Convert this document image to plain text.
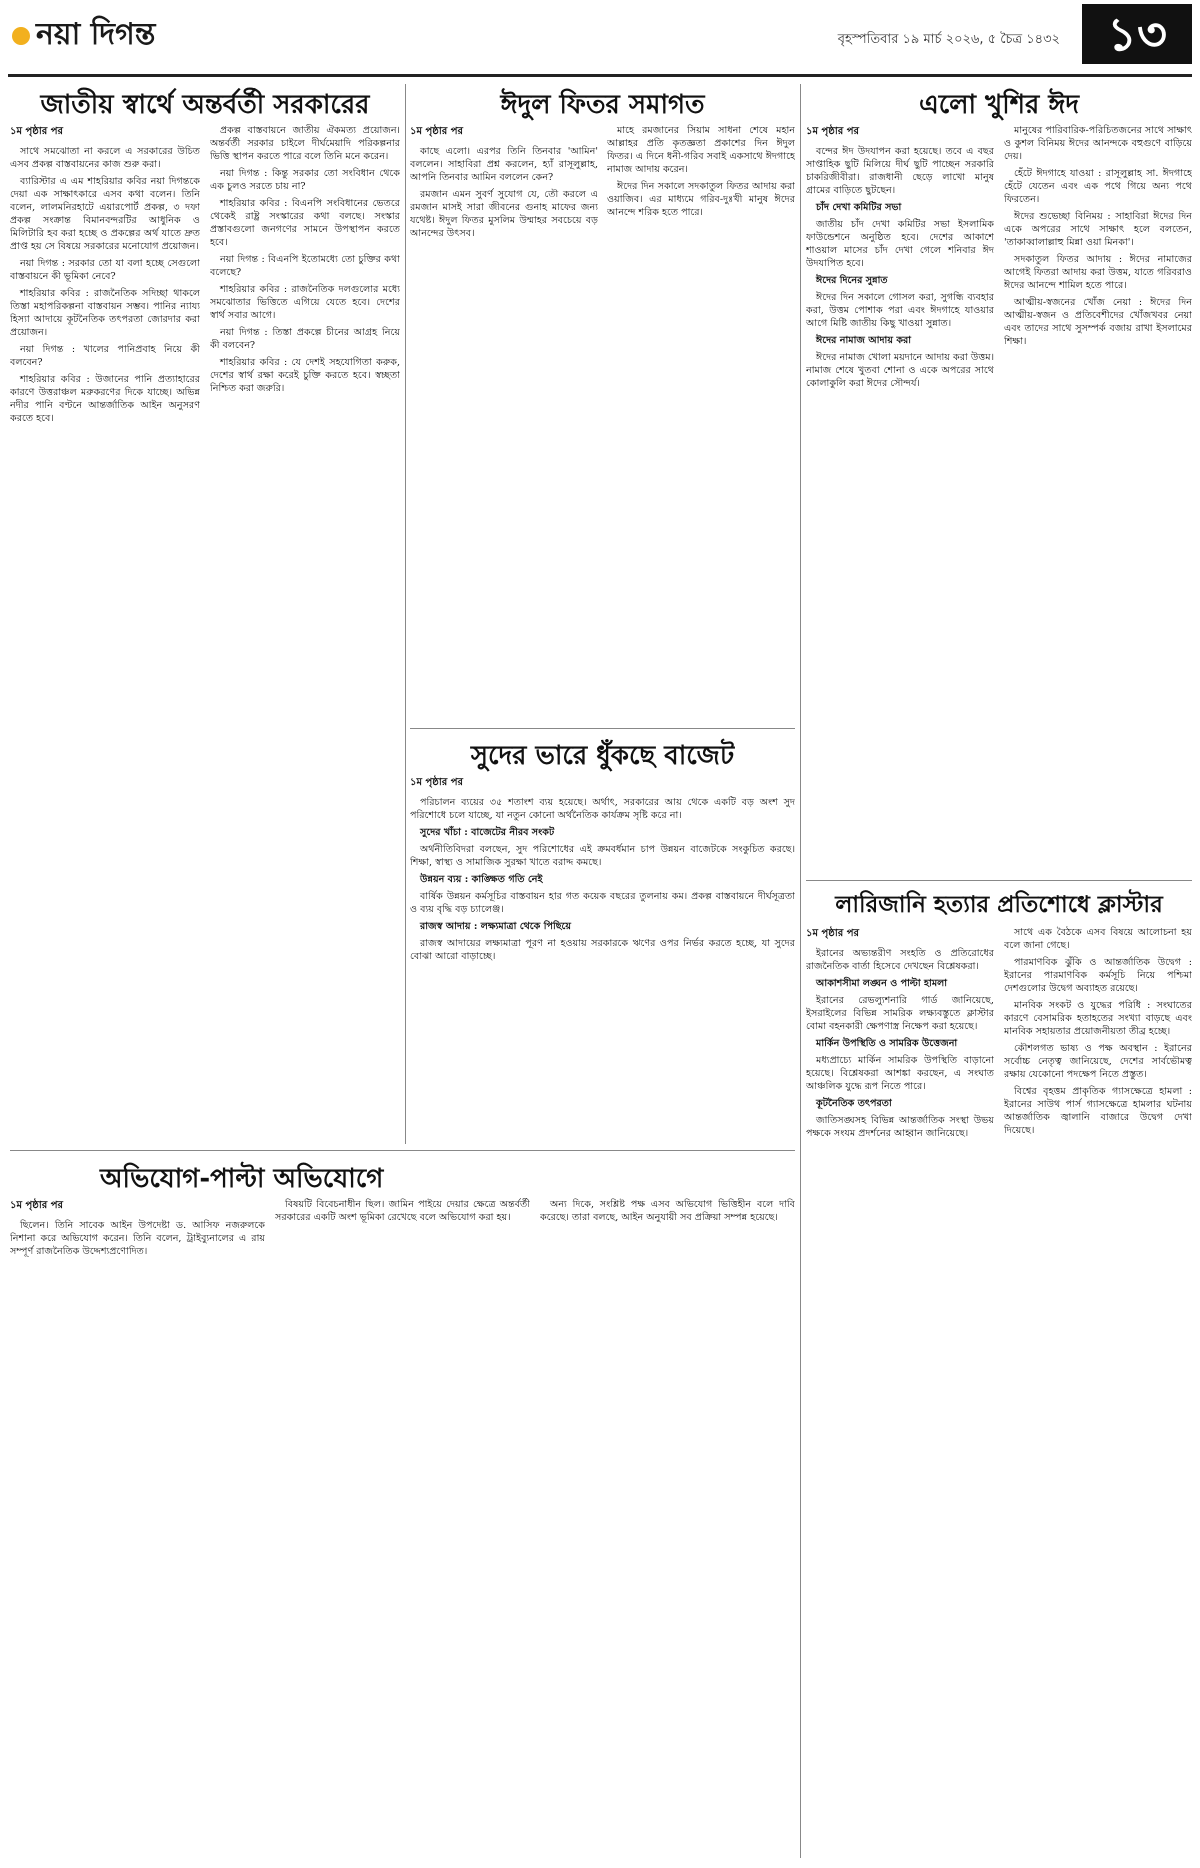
নয়া দিগন্ত	বৃহস্পতিবার ১৯ মার্চ ২০২৬, ৫ চৈত্র ১৪৩২	১৩
জাতীয় স্বার্থে অন্তর্বর্তী সরকারের
১ম পৃষ্ঠার পর

সাথে সমঝোতা না করলে এ সরকারের উচিত এসব প্রকল্প বাস্তবায়নের কাজ শুরু করা।

ব্যারিস্টার এ এম শাহরিয়ার কবির নয়া দিগন্তকে দেয়া এক সাক্ষাৎকারে এসব কথা বলেন। তিনি বলেন, লালমনিরহাটে এয়ারপোর্ট প্রকল্প, ৩ দফা প্রকল্প সংক্রান্ত বিমানবন্দরটির আধুনিক ও মিলিটারি হব করা হচ্ছে ও প্রকল্পের অর্থ যাতে দ্রুত প্রাপ্ত হয় সে বিষয়ে সরকারের মনোযোগ প্রয়োজন।

নয়া দিগন্ত : সরকার তো যা বলা হচ্ছে সেগুলো বাস্তবায়নে কী ভূমিকা নেবে?

শাহরিয়ার কবির : রাজনৈতিক সদিচ্ছা থাকলে তিস্তা মহাপরিকল্পনা বাস্তবায়ন সম্ভব। পানির ন্যায্য হিস্যা আদায়ে কূটনৈতিক তৎপরতা জোরদার করা প্রয়োজন।

নয়া দিগন্ত : খালের পানিপ্রবাহ নিয়ে কী বলবেন?

শাহরিয়ার কবির : উজানের পানি প্রত্যাহারের কারণে উত্তরাঞ্চল মরুকরণের দিকে যাচ্ছে। অভিন্ন নদীর পানি বণ্টনে আন্তর্জাতিক আইন অনুসরণ করতে হবে।

প্রকল্প বাস্তবায়নে জাতীয় ঐকমত্য প্রয়োজন। অন্তর্বর্তী সরকার চাইলে দীর্ঘমেয়াদি পরিকল্পনার ভিত্তি স্থাপন করতে পারে বলে তিনি মনে করেন।

নয়া দিগন্ত : কিন্তু সরকার তো সংবিধান থেকে এক চুলও সরতে চায় না?

শাহরিয়ার কবির : বিএনপি সংবিধানের ভেতরে থেকেই রাষ্ট্র সংস্কারের কথা বলছে। সংস্কার প্রস্তাবগুলো জনগণের সামনে উপস্থাপন করতে হবে।

নয়া দিগন্ত : বিএনপি ইতোমধ্যে তো চুক্তির কথা বলেছে?

শাহরিয়ার কবির : রাজনৈতিক দলগুলোর মধ্যে সমঝোতার ভিত্তিতে এগিয়ে যেতে হবে। দেশের স্বার্থ সবার আগে।

নয়া দিগন্ত : তিস্তা প্রকল্পে চীনের আগ্রহ নিয়ে কী বলবেন?

শাহরিয়ার কবির : যে দেশই সহযোগিতা করুক, দেশের স্বার্থ রক্ষা করেই চুক্তি করতে হবে। স্বচ্ছতা নিশ্চিত করা জরুরি।

ঈদুল ফিতর সমাগত
১ম পৃষ্ঠার পর

কাছে এলো। এরপর তিনি তিনবার 'আমিন' বললেন। সাহাবিরা প্রশ্ন করলেন, হ্যাঁ রাসূলুল্লাহ, আপনি তিনবার আমিন বললেন কেন?

রমজান এমন সুবর্ণ সুযোগ যে, তৌ করলে এ রমজান মাসই সারা জীবনের গুনাহ মাফের জন্য যথেষ্ট। ঈদুল ফিতর মুসলিম উম্মাহর সবচেয়ে বড় আনন্দের উৎসব।

মাহে রমজানের সিয়াম সাধনা শেষে মহান আল্লাহর প্রতি কৃতজ্ঞতা প্রকাশের দিন ঈদুল ফিতর। এ দিনে ধনী-গরিব সবাই একসাথে ঈদগাহে নামাজ আদায় করেন।

ঈদের দিন সকালে সদকাতুল ফিতর আদায় করা ওয়াজিব। এর মাধ্যমে গরিব-দুঃখী মানুষ ঈদের আনন্দে শরিক হতে পারে।

সুদের ভারে ধুঁকছে বাজেট
১ম পৃষ্ঠার পর

পরিচালন ব্যয়ের ৩৫ শতাংশ ব্যয় হয়েছে। অর্থাৎ, সরকারের আয় থেকে একটি বড় অংশ সুদ পরিশোধে চলে যাচ্ছে, যা নতুন কোনো অর্থনৈতিক কার্যক্রম সৃষ্টি করে না।

সুদের খাঁচা : বাজেটের নীরব সংকট

অর্থনীতিবিদরা বলছেন, সুদ পরিশোধের এই ক্রমবর্ধমান চাপ উন্নয়ন বাজেটকে সংকুচিত করছে। শিক্ষা, স্বাস্থ্য ও সামাজিক সুরক্ষা খাতে বরাদ্দ কমছে।

উন্নয়ন ব্যয় : কাঙ্ক্ষিত গতি নেই

বার্ষিক উন্নয়ন কর্মসূচির বাস্তবায়ন হার গত কয়েক বছরের তুলনায় কম। প্রকল্প বাস্তবায়নে দীর্ঘসূত্রতা ও ব্যয় বৃদ্ধি বড় চ্যালেঞ্জ।

রাজস্ব আদায় : লক্ষ্যমাত্রা থেকে পিছিয়ে

রাজস্ব আদায়ের লক্ষ্যমাত্রা পূরণ না হওয়ায় সরকারকে ঋণের ওপর নির্ভর করতে হচ্ছে, যা সুদের বোঝা আরো বাড়াচ্ছে।

অভিযোগ-পাল্টা অভিযোগে
১ম পৃষ্ঠার পর

ছিলেন। তিনি সাবেক আইন উপদেষ্টা ড. আসিফ নজরুলকে নিশানা করে অভিযোগ করেন। তিনি বলেন, ট্রাইব্যুনালের এ রায় সম্পূর্ণ রাজনৈতিক উদ্দেশ্যপ্রণোদিত।

বিষয়টি বিবেচনাধীন ছিল। জামিন পাইয়ে দেয়ার ক্ষেত্রে অন্তর্বর্তী সরকারের একটি অংশ ভূমিকা রেখেছে বলে অভিযোগ করা হয়।

অন্য দিকে, সংশ্লিষ্ট পক্ষ এসব অভিযোগ ভিত্তিহীন বলে দাবি করেছে। তারা বলছে, আইন অনুযায়ী সব প্রক্রিয়া সম্পন্ন হয়েছে।

এলো খুশির ঈদ
১ম পৃষ্ঠার পর

বন্দের ঈদ উদযাপন করা হয়েছে। তবে এ বছর সাপ্তাহিক ছুটি মিলিয়ে দীর্ঘ ছুটি পাচ্ছেন সরকারি চাকরিজীবীরা। রাজধানী ছেড়ে লাখো মানুষ গ্রামের বাড়িতে ছুটছেন।

চাঁদ দেখা কমিটির সভা

জাতীয় চাঁদ দেখা কমিটির সভা ইসলামিক ফাউন্ডেশনে অনুষ্ঠিত হবে। দেশের আকাশে শাওয়াল মাসের চাঁদ দেখা গেলে শনিবার ঈদ উদযাপিত হবে।

ঈদের দিনের সুন্নাত

ঈদের দিন সকালে গোসল করা, সুগন্ধি ব্যবহার করা, উত্তম পোশাক পরা এবং ঈদগাহে যাওয়ার আগে মিষ্টি জাতীয় কিছু খাওয়া সুন্নাত।

ঈদের নামাজ আদায় করা

ঈদের নামাজ খোলা ময়দানে আদায় করা উত্তম। নামাজ শেষে খুতবা শোনা ও একে অপরের সাথে কোলাকুলি করা ঈদের সৌন্দর্য।

মানুষের পারিবারিক-পরিচিতজনের সাথে সাক্ষাৎ ও কুশল বিনিময় ঈদের আনন্দকে বহুগুণে বাড়িয়ে দেয়।

হেঁটে ঈদগাহে যাওয়া : রাসূলুল্লাহ সা. ঈদগাহে হেঁটে যেতেন এবং এক পথে গিয়ে অন্য পথে ফিরতেন।

ঈদের শুভেচ্ছা বিনিময় : সাহাবিরা ঈদের দিন একে অপরের সাথে সাক্ষাৎ হলে বলতেন, 'তাকাব্বালাল্লাহু মিন্না ওয়া মিনকা'।

সদকাতুল ফিতর আদায় : ঈদের নামাজের আগেই ফিতরা আদায় করা উত্তম, যাতে গরিবরাও ঈদের আনন্দে শামিল হতে পারে।

আত্মীয়-স্বজনের খোঁজ নেয়া : ঈদের দিন আত্মীয়-স্বজন ও প্রতিবেশীদের খোঁজখবর নেয়া এবং তাদের সাথে সুসম্পর্ক বজায় রাখা ইসলামের শিক্ষা।

লারিজানি হত্যার প্রতিশোধে ক্লাস্টার
১ম পৃষ্ঠার পর

ইরানের অভ্যন্তরীণ সংহতি ও প্রতিরোধের রাজনৈতিক বার্তা হিসেবে দেখছেন বিশ্লেষকরা।

আকাশসীমা লঙ্ঘন ও পাল্টা হামলা

ইরানের রেভল্যুশনারি গার্ড জানিয়েছে, ইসরাইলের বিভিন্ন সামরিক লক্ষ্যবস্তুতে ক্লাস্টার বোমা বহনকারী ক্ষেপণাস্ত্র নিক্ষেপ করা হয়েছে।

মার্কিন উপস্থিতি ও সামরিক উত্তেজনা

মধ্যপ্রাচ্যে মার্কিন সামরিক উপস্থিতি বাড়ানো হয়েছে। বিশ্লেষকরা আশঙ্কা করছেন, এ সংঘাত আঞ্চলিক যুদ্ধে রূপ নিতে পারে।

কূটনৈতিক তৎপরতা

জাতিসঙ্ঘসহ বিভিন্ন আন্তর্জাতিক সংস্থা উভয় পক্ষকে সংযম প্রদর্শনের আহ্বান জানিয়েছে।

সাথে এক বৈঠকে এসব বিষয়ে আলোচনা হয় বলে জানা গেছে।

পারমাণবিক ঝুঁকি ও আন্তর্জাতিক উদ্বেগ : ইরানের পারমাণবিক কর্মসূচি নিয়ে পশ্চিমা দেশগুলোর উদ্বেগ অব্যাহত রয়েছে।

মানবিক সংকট ও যুদ্ধের পরিধি : সংঘাতের কারণে বেসামরিক হতাহতের সংখ্যা বাড়ছে এবং মানবিক সহায়তার প্রয়োজনীয়তা তীব্র হচ্ছে।

কৌশলগত ভাষ্য ও পক্ষ অবস্থান : ইরানের সর্বোচ্চ নেতৃত্ব জানিয়েছে, দেশের সার্বভৌমত্ব রক্ষায় যেকোনো পদক্ষেপ নিতে প্রস্তুত।

বিশ্বের বৃহত্তম প্রাকৃতিক গ্যাসক্ষেত্রে হামলা : ইরানের সাউথ পার্স গ্যাসক্ষেত্রে হামলার ঘটনায় আন্তর্জাতিক জ্বালানি বাজারে উদ্বেগ দেখা দিয়েছে।
